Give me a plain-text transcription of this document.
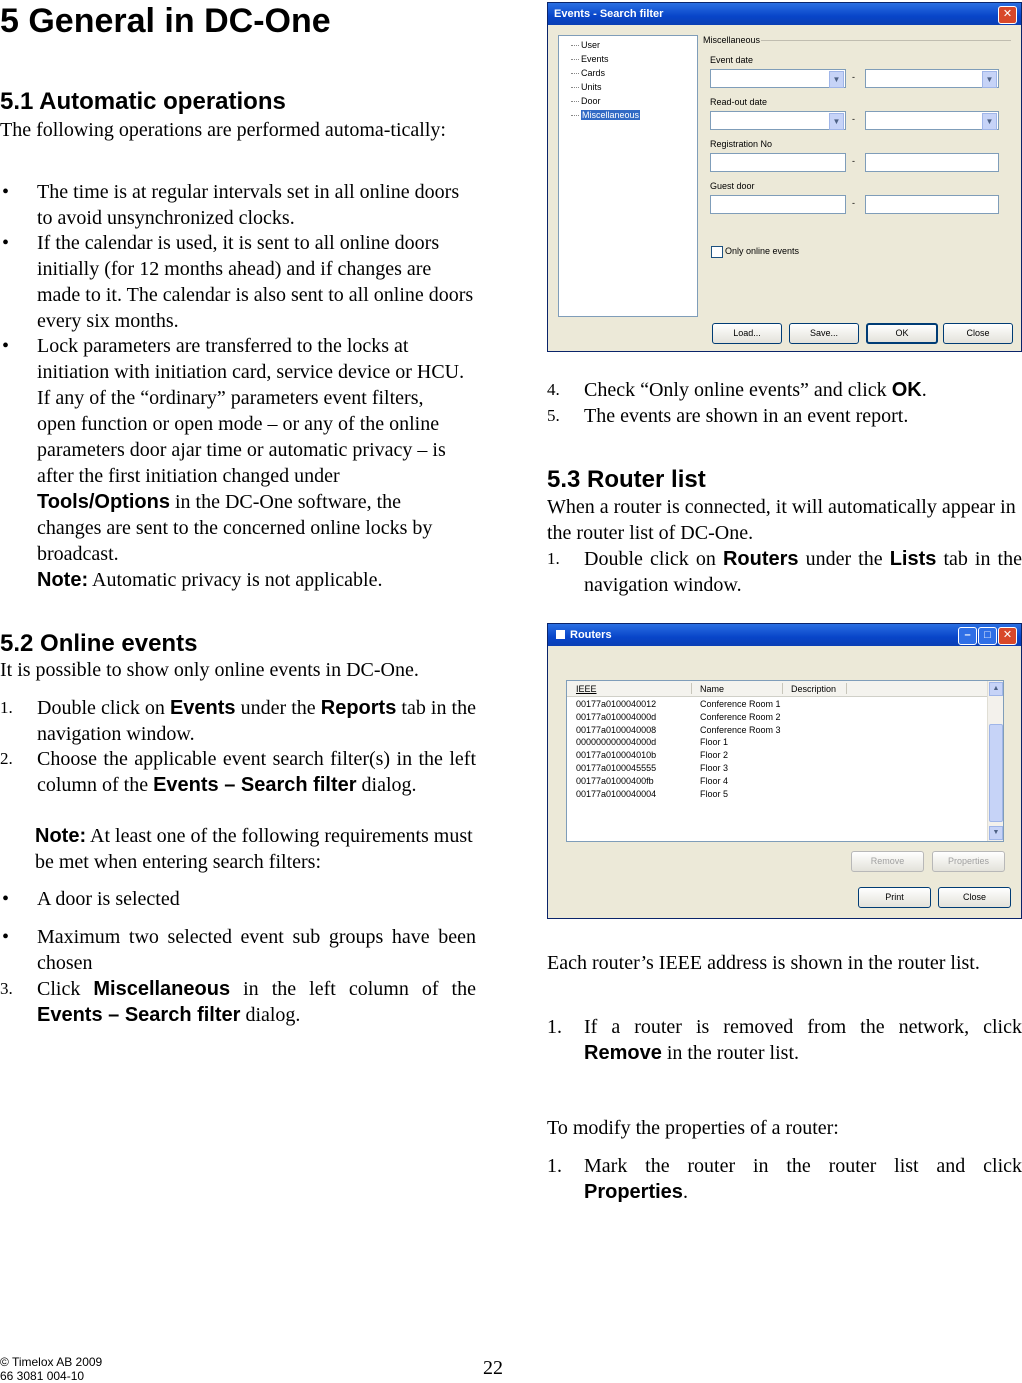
5 General in DC-One
5.1 Automatic operations

The following operations are performed automa-tically:

• The time is at regular intervals set in all online doors to avoid unsynchronized clocks.
• If the calendar is used, it is sent to all online doors initially (for 12 months ahead) and if changes are made to it. The calendar is also sent to all online doors every six months.
• Lock parameters are transferred to the locks at initiation with initiation card, service device or HCU. If any of the “ordinary” parameters event filters, open function or open mode – or any of the online parameters door ajar time or automatic privacy – is after the first initiation changed under Tools/Options in the DC-One software, the changes are sent to the concerned online locks by broadcast.
Note: Automatic privacy is not applicable.
5.2 Online events

It is possible to show only online events in DC-One.

1. Double click on Events under the Reports tab in the navigation window.
2. Choose the applicable event search filter(s) in the left column of the Events – Search filter dialog.

Note: At least one of the following requirements must be met when entering search filters:

• A door is selected
• Maximum two selected event sub groups have been chosen
3. Click Miscellaneous in the left column of the Events – Search filter dialog.
Events - Search filter	✕
User
Events
Cards
Units
Door
Miscellaneous
Miscellaneous
Event date
▼	-	▼
Read-out date
▼	-	▼
Registration No
-
Guest door
-
Only online events
Load...	Save...	OK	Close
4. Check “Only online events” and click OK.
5. The events are shown in an event report.
5.3 Router list

When a router is connected, it will automatically appear in the router list of DC-One.

1. Double click on Routers under the Lists tab in the navigation window.
Routers	–	□	✕
IEEE	Name	Description
00177a0100040012	Conference Room 1
00177a010004000d	Conference Room 2
00177a0100040008	Conference Room 3
000000000004000d	Floor 1
00177a010004010b	Floor 2
00177a0100045555	Floor 3
00177a01000400fb	Floor 4
00177a0100040004	Floor 5
▲
▼
Remove	Properties
Print	Close

Each router’s IEEE address is shown in the router list.

1. If a router is removed from the network, click Remove in the router list.

To modify the properties of a router:

1. Mark the router in the router list and click Properties.
© Timelox AB 2009
66 3081 004-10	22
